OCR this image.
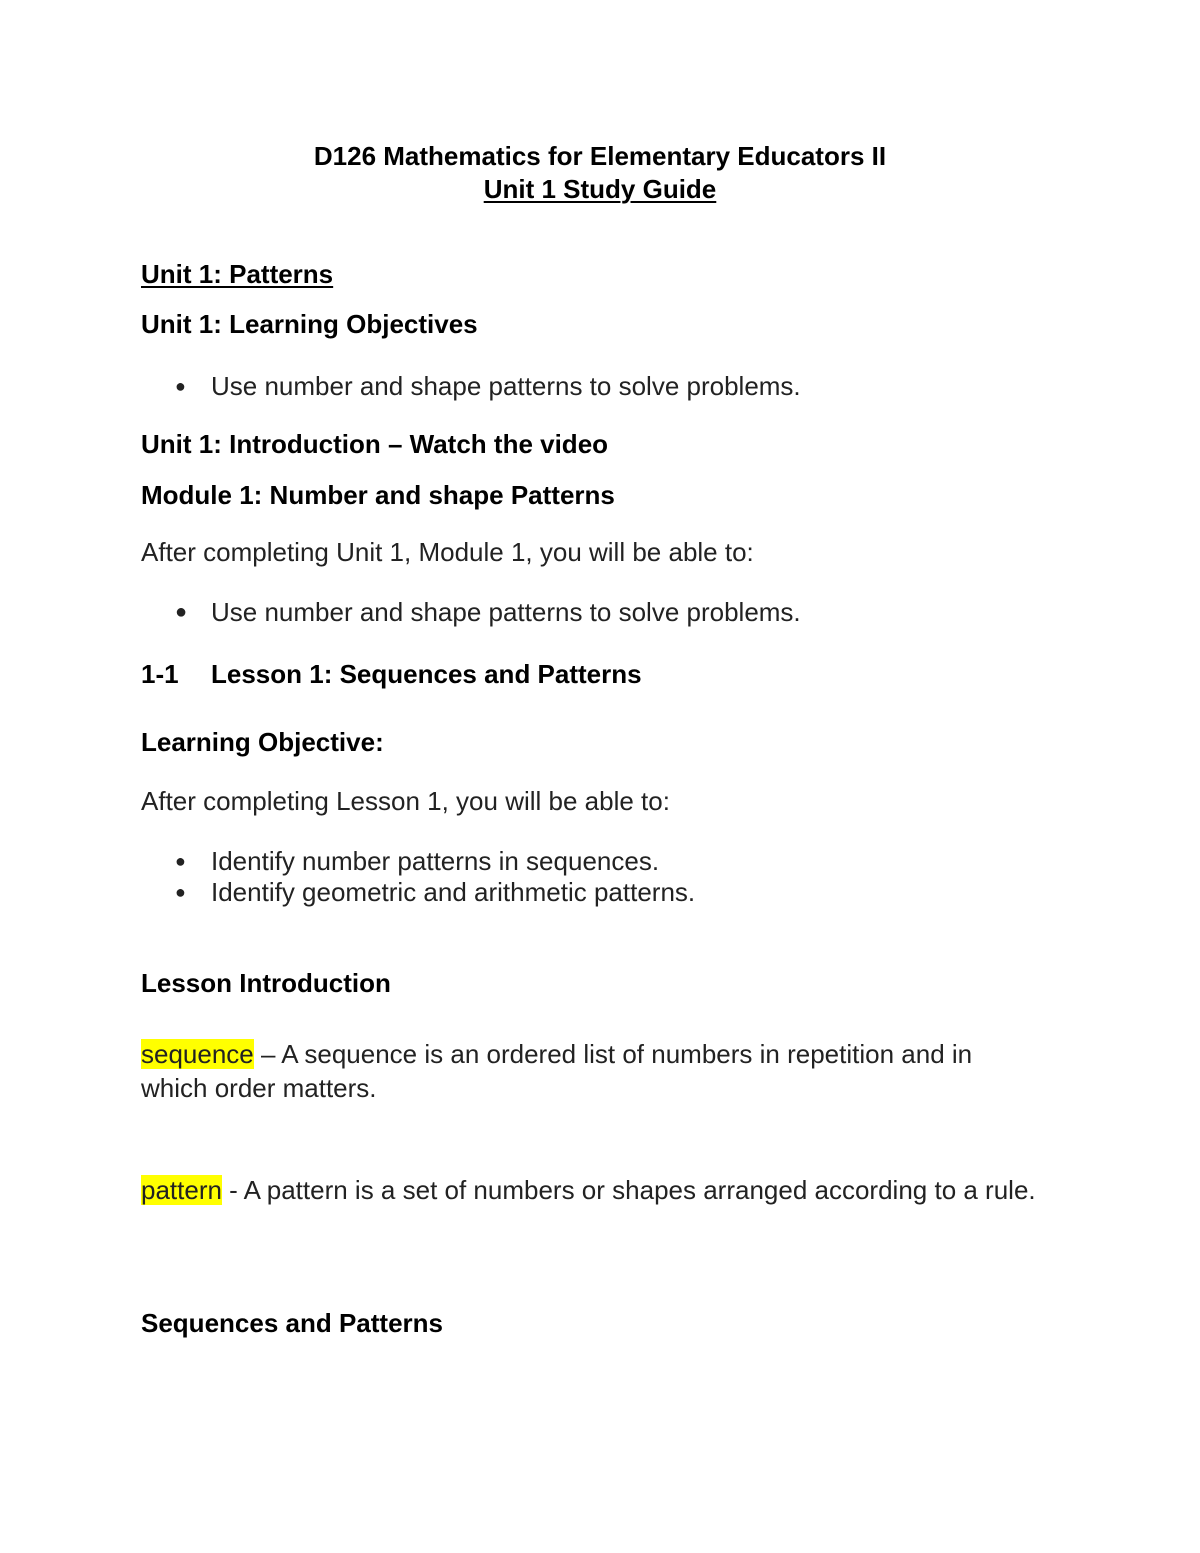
D126 Mathematics for Elementary Educators II
Unit 1 Study Guide
Unit 1: Patterns
Unit 1: Learning Objectives
● Use number and shape patterns to solve problems.
Unit 1: Introduction – Watch the video
Module 1: Number and shape Patterns
After completing Unit 1, Module 1, you will be able to:
● Use number and shape patterns to solve problems.
1-1 Lesson 1: Sequences and Patterns
Learning Objective:
After completing Lesson 1, you will be able to:
● Identify number patterns in sequences.
● Identify geometric and arithmetic patterns.
Lesson Introduction
sequence – A sequence is an ordered list of numbers in repetition and in which order matters.
pattern - A pattern is a set of numbers or shapes arranged according to a rule.
Sequences and Patterns
